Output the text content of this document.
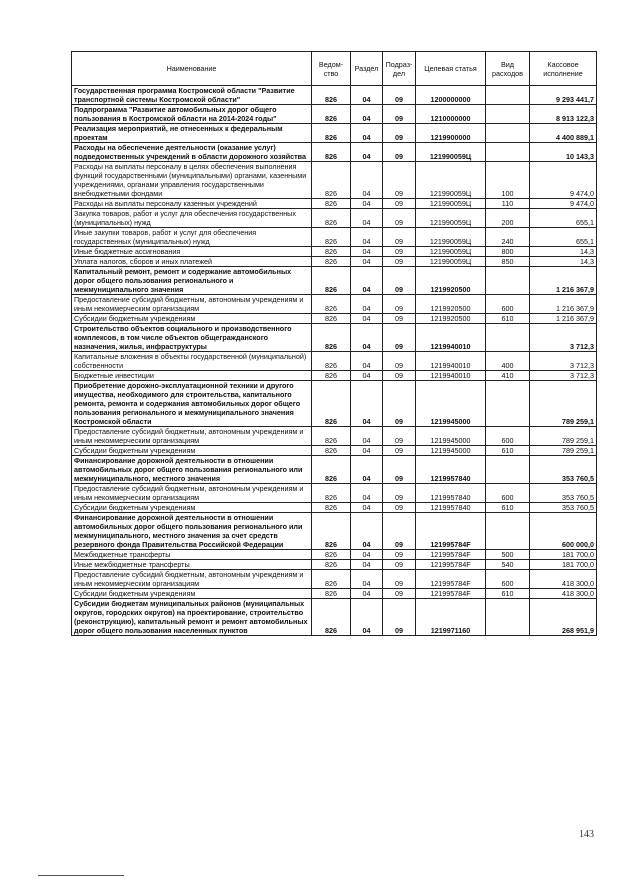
Наименование	Ведом-ство	Раздел	Подраз-дел	Целевая статья	Вид расходов	Кассовое исполнение
Государственная программа Костромской области "Развитие транспортной системы Костромской области"	826	04	09	1200000000		9 293 441,7
Подпрограмма "Развитие автомобильных дорог общего пользования в Костромской области на 2014-2024 годы"	826	04	09	1210000000		8 913 122,3
Реализация мероприятий, не отнесенных к федеральным проектам	826	04	09	1219900000		4 400 889,1
Расходы на обеспечение деятельности (оказание услуг) подведомственных учреждений в области дорожного хозяйства	826	04	09	121990059Ц		10 143,3
Расходы на выплаты персоналу в целях обеспечения выполнения функций государственными (муниципальными) органами, казенными учреждениями, органами управления государственными внебюджетными фондами	826	04	09	121990059Ц	100	9 474,0
Расходы на выплаты персоналу казенных учреждений	826	04	09	121990059Ц	110	9 474,0
Закупка товаров, работ и услуг для обеспечения государственных (муниципальных) нужд	826	04	09	121990059Ц	200	655,1
Иные закупки товаров, работ и услуг для обеспечения государственных (муниципальных) нужд	826	04	09	121990059Ц	240	655,1
Иные бюджетные ассигнования	826	04	09	121990059Ц	800	14,3
Уплата налогов, сборов и иных платежей	826	04	09	121990059Ц	850	14,3
Капитальный ремонт, ремонт и содержание автомобильных дорог общего пользования регионального и межмуниципального значения	826	04	09	1219920500		1 216 367,9
Предоставление субсидий бюджетным, автономным учреждениям и иным некоммерческим организациям	826	04	09	1219920500	600	1 216 367,9
Субсидии бюджетным учреждениям	826	04	09	1219920500	610	1 216 367,9
Строительство объектов социального и производственного комплексов, в том числе объектов общегражданского назначения, жилья, инфраструктуры	826	04	09	1219940010		3 712,3
Капитальные вложения в объекты государственной (муниципальной) собственности	826	04	09	1219940010	400	3 712,3
Бюджетные инвестиции	826	04	09	1219940010	410	3 712,3
Приобретение дорожно-эксплуатационной техники и другого имущества, необходимого для строительства, капитального ремонта, ремонта и содержания автомобильных дорог общего пользования регионального и межмуниципального значения Костромской области	826	04	09	1219945000		789 259,1
Предоставление субсидий бюджетным, автономным учреждениям и иным некоммерческим организациям	826	04	09	1219945000	600	789 259,1
Субсидии бюджетным учреждениям	826	04	09	1219945000	610	789 259,1
Финансирование дорожной деятельности в отношении автомобильных дорог общего пользования регионального или межмуниципального, местного значения	826	04	09	1219957840		353 760,5
Предоставление субсидий бюджетным, автономным учреждениям и иным некоммерческим организациям	826	04	09	1219957840	600	353 760,5
Субсидии бюджетным учреждениям	826	04	09	1219957840	610	353 760,5
Финансирование дорожной деятельности в отношении автомобильных дорог общего пользования регионального или межмуниципального, местного значения за счет средств резервного фонда Правительства Российской Федерации	826	04	09	121995784F		600 000,0
Межбюджетные трансферты	826	04	09	121995784F	500	181 700,0
Иные межбюджетные трансферты	826	04	09	121995784F	540	181 700,0
Предоставление субсидий бюджетным, автономным учреждениям и иным некоммерческим организациям	826	04	09	121995784F	600	418 300,0
Субсидии бюджетным учреждениям	826	04	09	121995784F	610	418 300,0
Субсидии бюджетам муниципальных районов (муниципальных округов, городских округов) на проектирование, строительство (реконструкцию), капитальный ремонт и ремонт автомобильных дорог общего пользования населенных пунктов	826	04	09	1219971160		268 951,9
143
